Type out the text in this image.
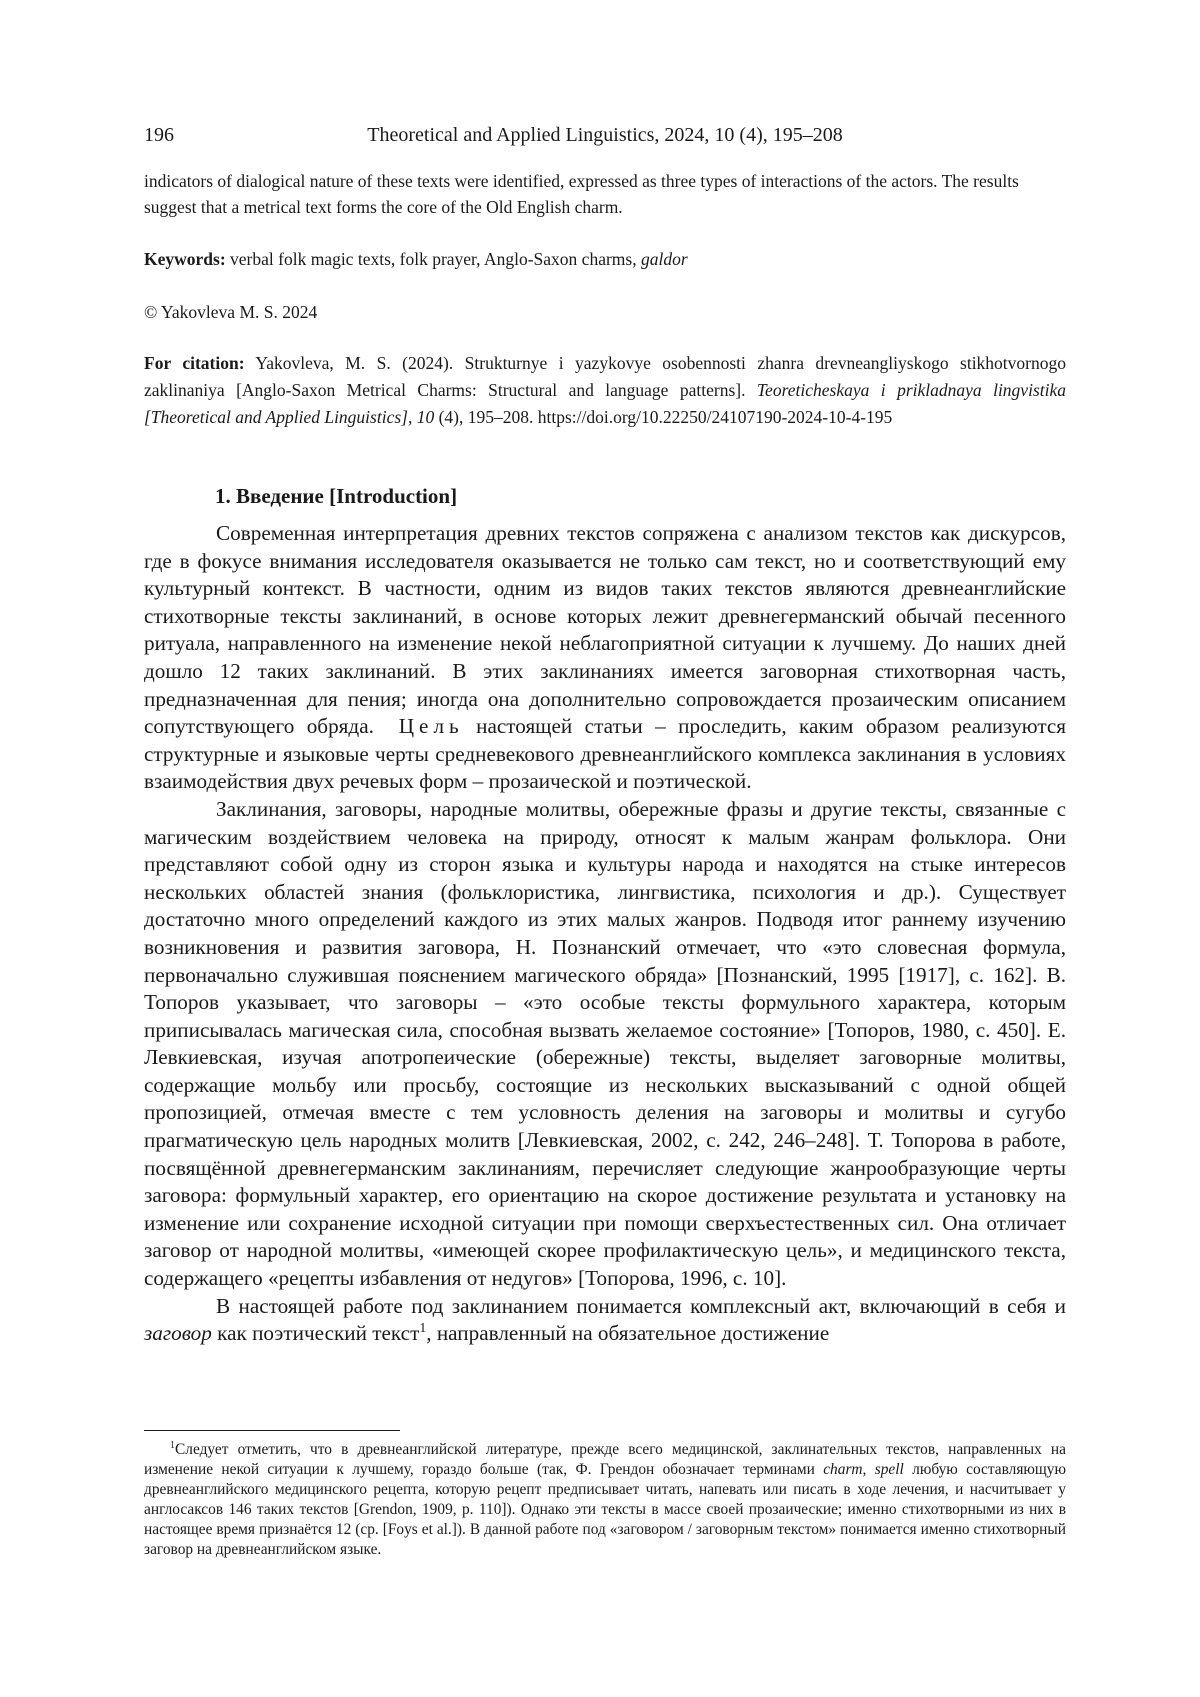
196	Theoretical and Applied Linguistics, 2024, 10 (4), 195–208
indicators of dialogical nature of these texts were identified, expressed as three types of interactions of the actors. The results suggest that a metrical text forms the core of the Old English charm.
Keywords: verbal folk magic texts, folk prayer, Anglo-Saxon charms, galdor
© Yakovleva M. S. 2024
For citation: Yakovleva, M. S. (2024). Strukturnye i yazykovye osobennosti zhanra drevneangliyskogo stikhotvornogo zaklinaniya [Anglo-Saxon Metrical Charms: Structural and language patterns]. Teoreticheskaya i prikladnaya lingvistika [Theoretical and Applied Linguistics], 10 (4), 195–208. https://doi.org/10.22250/24107190-2024-10-4-195
1. Введение [Introduction]

Современная интерпретация древних текстов сопряжена с анализом текстов как дискурсов, где в фокусе внимания исследователя оказывается не только сам текст, но и соответствующий ему культурный контекст. В частности, одним из видов таких текстов являются древнеанглийские стихотворные тексты заклинаний, в основе которых лежит древнегерманский обычай песенного ритуала, направленного на изменение некой неблагоприятной ситуации к лучшему. До наших дней дошло 12 таких заклинаний. В этих заклинаниях имеется заговорная стихотворная часть, предназначенная для пения; иногда она дополнительно сопровождается прозаическим описанием сопутствующего обряда. Цель настоящей статьи – проследить, каким образом реализуются структурные и языковые черты средневекового древнеанглийского комплекса заклинания в условиях взаимодействия двух речевых форм – прозаической и поэтической.

Заклинания, заговоры, народные молитвы, обережные фразы и другие тексты, связанные с магическим воздействием человека на природу, относят к малым жанрам фольклора. Они представляют собой одну из сторон языка и культуры народа и находятся на стыке интересов нескольких областей знания (фольклористика, лингвистика, психология и др.). Существует достаточно много определений каждого из этих малых жанров. Подводя итог раннему изучению возникновения и развития заговора, Н. Познанский отмечает, что «это словесная формула, первоначально служившая пояснением магического обряда» [Познанский, 1995 [1917], с. 162]. В. Топоров указывает, что заговоры – «это особые тексты формульного характера, которым приписывалась магическая сила, способная вызвать желаемое состояние» [Топоров, 1980, с. 450]. Е. Левкиевская, изучая апотропеические (обережные) тексты, выделяет заговорные молитвы, содержащие мольбу или просьбу, состоящие из нескольких высказываний с одной общей пропозицией, отмечая вместе с тем условность деления на заговоры и молитвы и сугубо прагматическую цель народных молитв [Левкиевская, 2002, с. 242, 246–248]. Т. Топорова в работе, посвящённой древнегерманским заклинаниям, перечисляет следующие жанрообразующие черты заговора: формульный характер, его ориентацию на скорое достижение результата и установку на изменение или сохранение исходной ситуации при помощи сверхъестественных сил. Она отличает заговор от народной молитвы, «имеющей скорее профилактическую цель», и медицинского текста, содержащего «рецепты избавления от недугов» [Топорова, 1996, с. 10].

В настоящей работе под заклинанием понимается комплексный акт, включающий в себя и заговор как поэтический текст$^1$, направленный на обязательное достижение

$^1$Следует отметить, что в древнеанглийской литературе, прежде всего медицинской, заклинательных текстов, направленных на изменение некой ситуации к лучшему, гораздо больше (так, Ф. Грендон обозначает терминами charm, spell любую составляющую древнеанглийского медицинского рецепта, которую рецепт предписывает читать, напевать или писать в ходе лечения, и насчитывает у англосаксов 146 таких текстов [Grendon, 1909, p. 110]). Однако эти тексты в массе своей прозаические; именно стихотворными из них в настоящее время признаётся 12 (ср. [Foys et al.]). В данной работе под «заговором / заговорным текстом» понимается именно стихотворный заговор на древнеанглийском языке.
